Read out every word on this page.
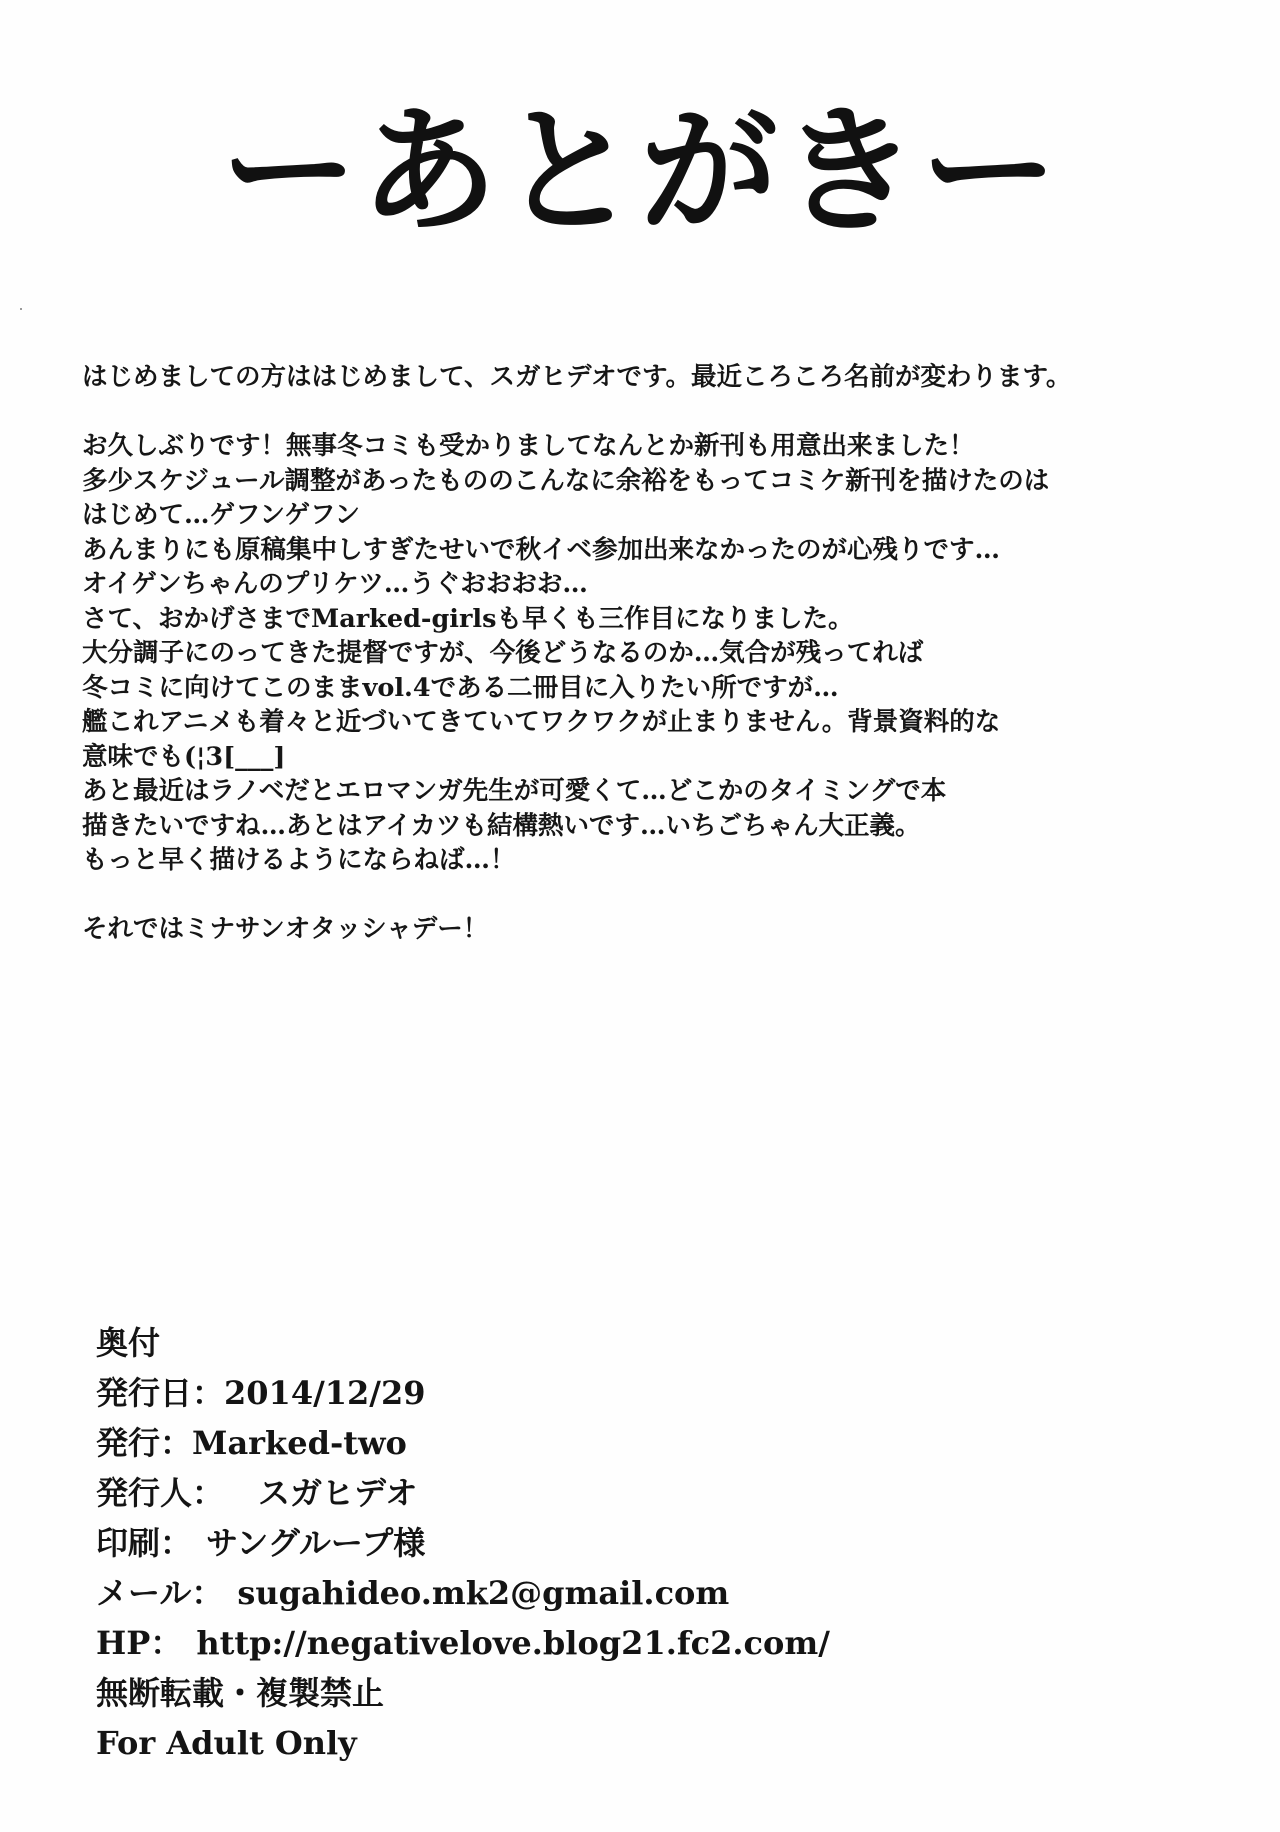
ーあとがきー
はじめましての方ははじめまして、スガヒデオです。最近ころころ名前が変わります。
お久しぶりです！無事冬コミも受かりましてなんとか新刊も用意出来ました！
多少スケジュール調整があったもののこんなに余裕をもってコミケ新刊を描けたのは
はじめて…ゲフンゲフン
あんまりにも原稿集中しすぎたせいで秋イベ参加出来なかったのが心残りです…
オイゲンちゃんのプリケツ…うぐおおおお…
さて、おかげさまでMarked-girlsも早くも三作目になりました。
大分調子にのってきた提督ですが、今後どうなるのか…気合が残ってれば
冬コミに向けてこのままvol.4である二冊目に入りたい所ですが…
艦これアニメも着々と近づいてきていてワクワクが止まりません。背景資料的な
意味でも(¦3[___]
あと最近はラノベだとエロマンガ先生が可愛くて…どこかのタイミングで本
描きたいですね…あとはアイカツも結構熱いです…いちごちゃん大正義。
もっと早く描けるようにならねば…！
それではミナサンオタッシャデー！
奥付
発行日：2014/12/29
発行：Marked-two
発行人： スガヒデオ
印刷： サングループ様
メール： sugahideo.mk2@gmail.com
HP： http://negativelove.blog21.fc2.com/
無断転載・複製禁止
For Adult Only
